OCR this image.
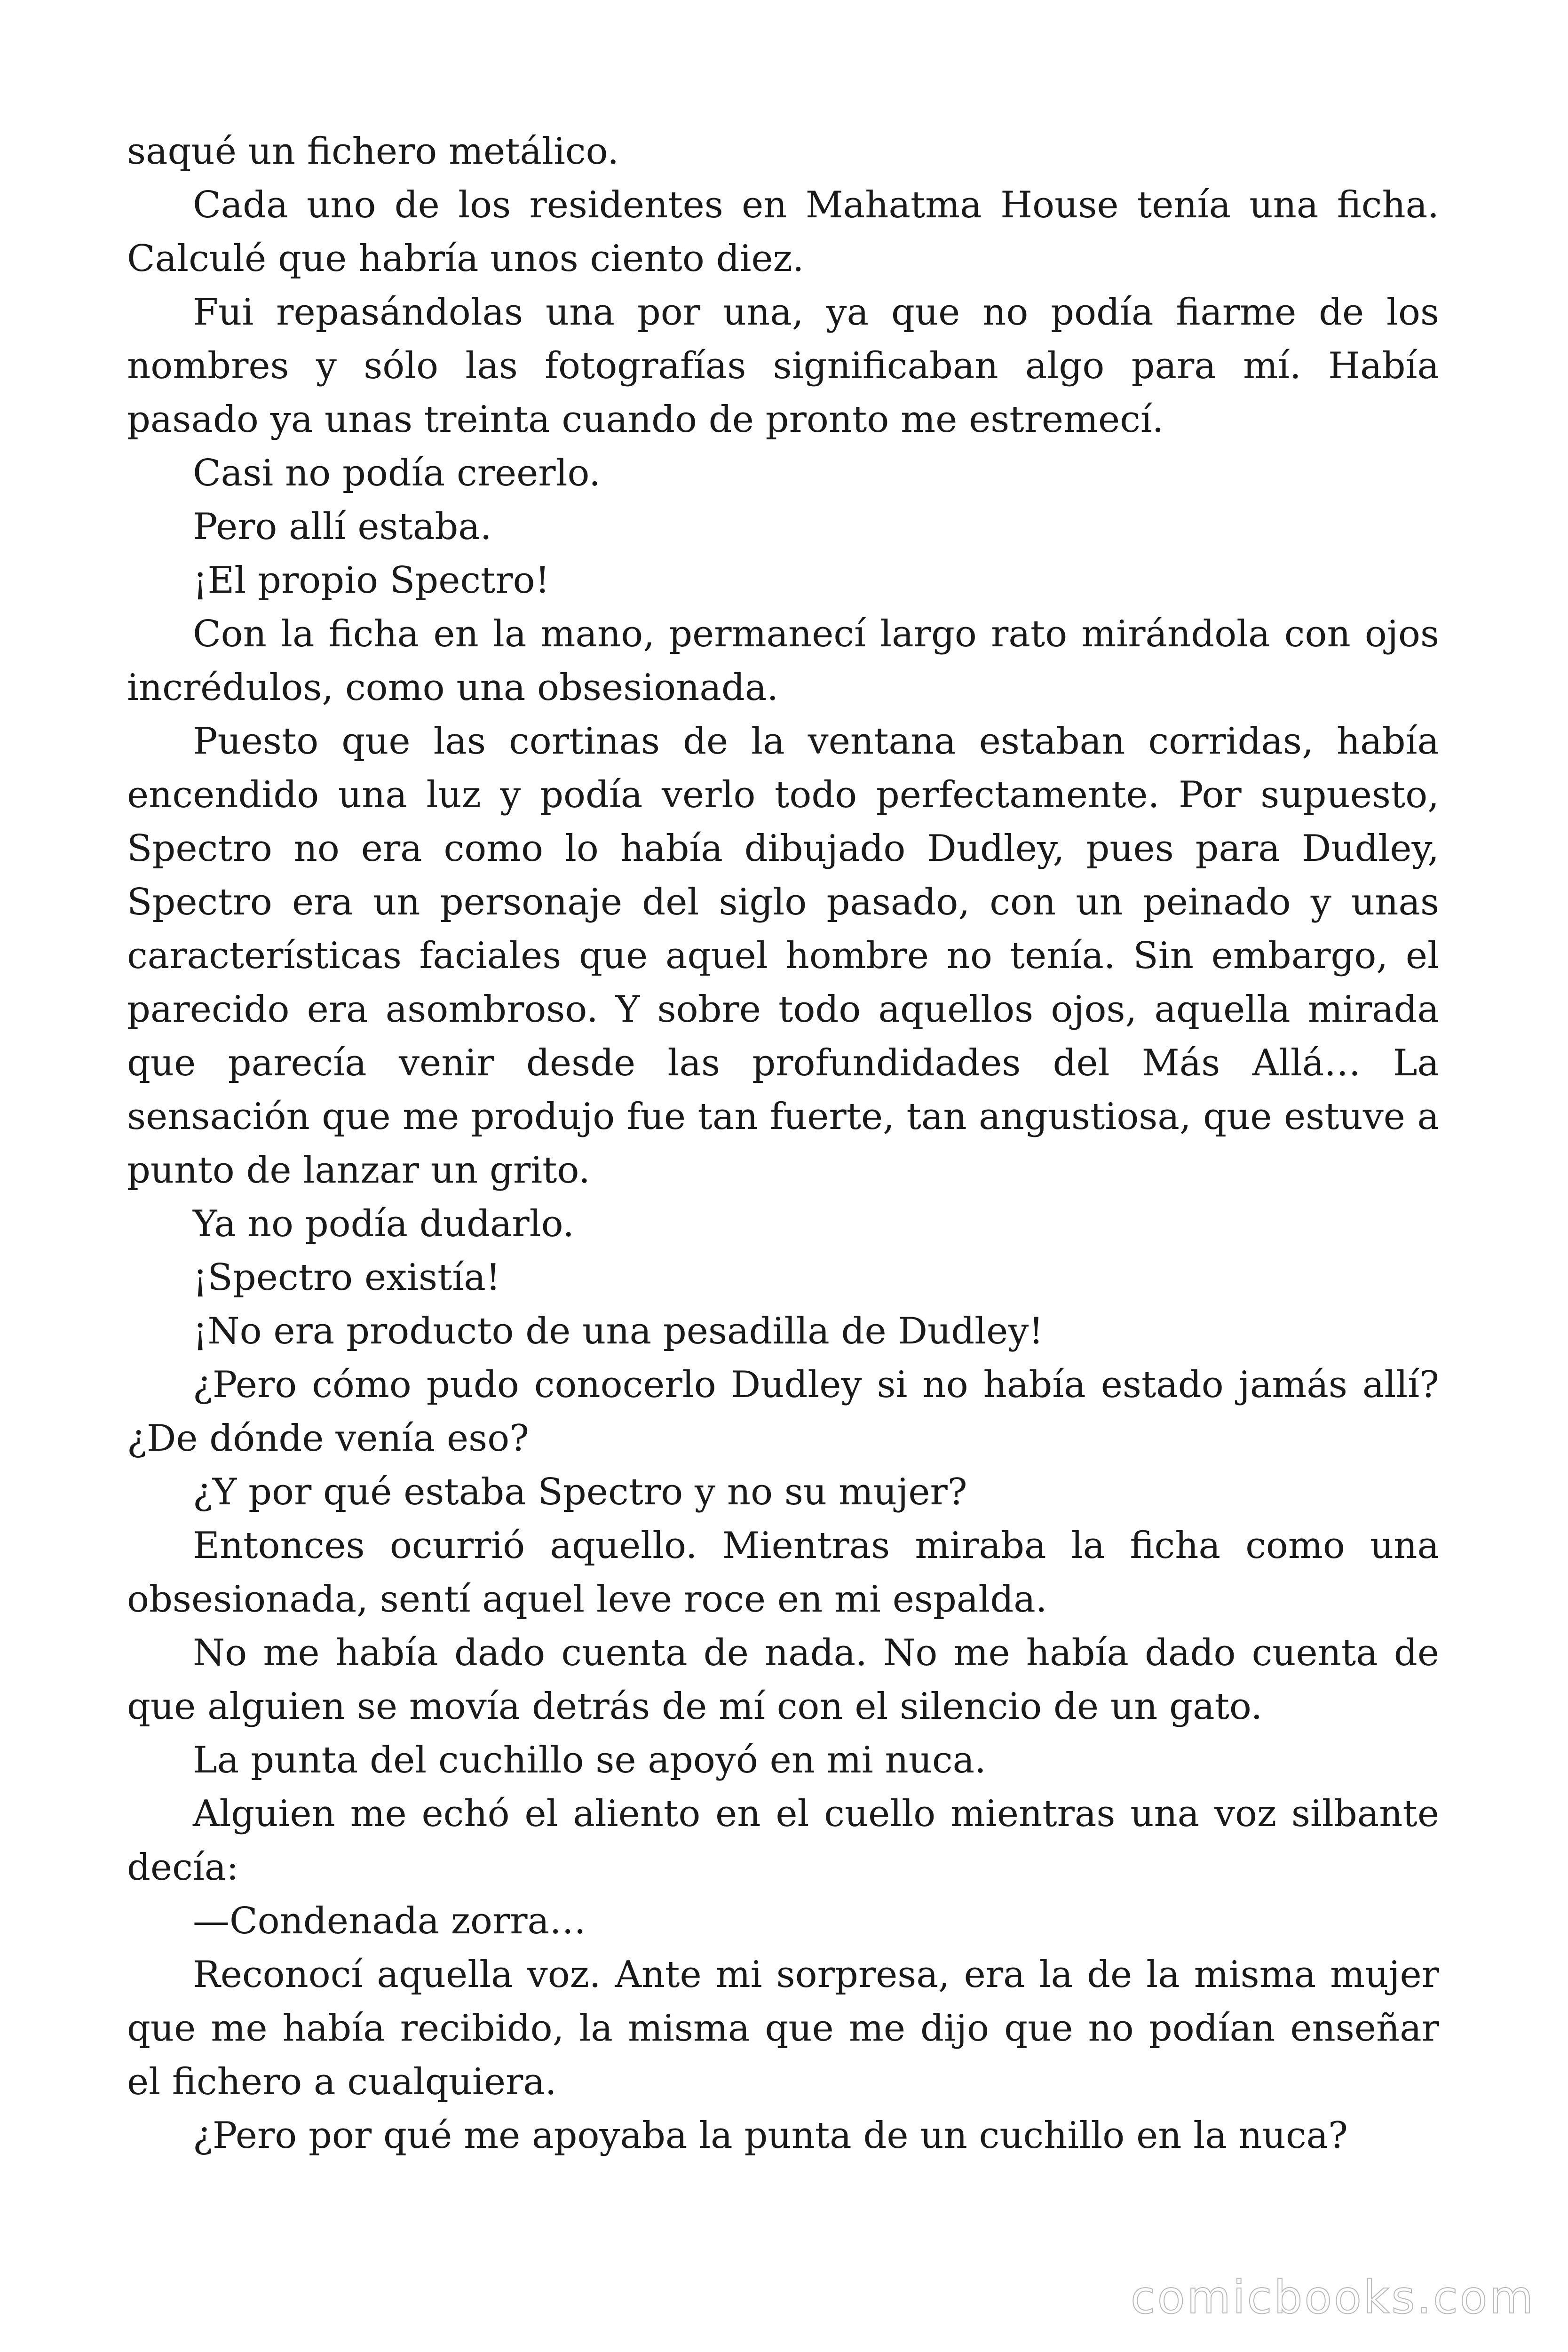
saqué un fichero metálico.

Cada uno de los residentes en Mahatma House tenía una ficha. Calculé que habría unos ciento diez.

Fui repasándolas una por una, ya que no podía fiarme de los nombres y sólo las fotografías significaban algo para mí. Había pasado ya unas treinta cuando de pronto me estremecí.

Casi no podía creerlo.

Pero allí estaba.

¡El propio Spectro!

Con la ficha en la mano, permanecí largo rato mirándola con ojos incrédulos, como una obsesionada.

Puesto que las cortinas de la ventana estaban corridas, había encendido una luz y podía verlo todo perfectamente. Por supuesto, Spectro no era como lo había dibujado Dudley, pues para Dudley, Spectro era un personaje del siglo pasado, con un peinado y unas características faciales que aquel hombre no tenía. Sin embargo, el parecido era asombroso. Y sobre todo aquellos ojos, aquella mirada que parecía venir desde las profundidades del Más Allá… La sensación que me produjo fue tan fuerte, tan angustiosa, que estuve a punto de lanzar un grito.

Ya no podía dudarlo.

¡Spectro existía!

¡No era producto de una pesadilla de Dudley!

¿Pero cómo pudo conocerlo Dudley si no había estado jamás allí? ¿De dónde venía eso?

¿Y por qué estaba Spectro y no su mujer?

Entonces ocurrió aquello. Mientras miraba la ficha como una obsesionada, sentí aquel leve roce en mi espalda.

No me había dado cuenta de nada. No me había dado cuenta de que alguien se movía detrás de mí con el silencio de un gato.

La punta del cuchillo se apoyó en mi nuca.

Alguien me echó el aliento en el cuello mientras una voz silbante decía:

—Condenada zorra…

Reconocí aquella voz. Ante mi sorpresa, era la de la misma mujer que me había recibido, la misma que me dijo que no podían enseñar el fichero a cualquiera.

¿Pero por qué me apoyaba la punta de un cuchillo en la nuca?

comicbooks.com
